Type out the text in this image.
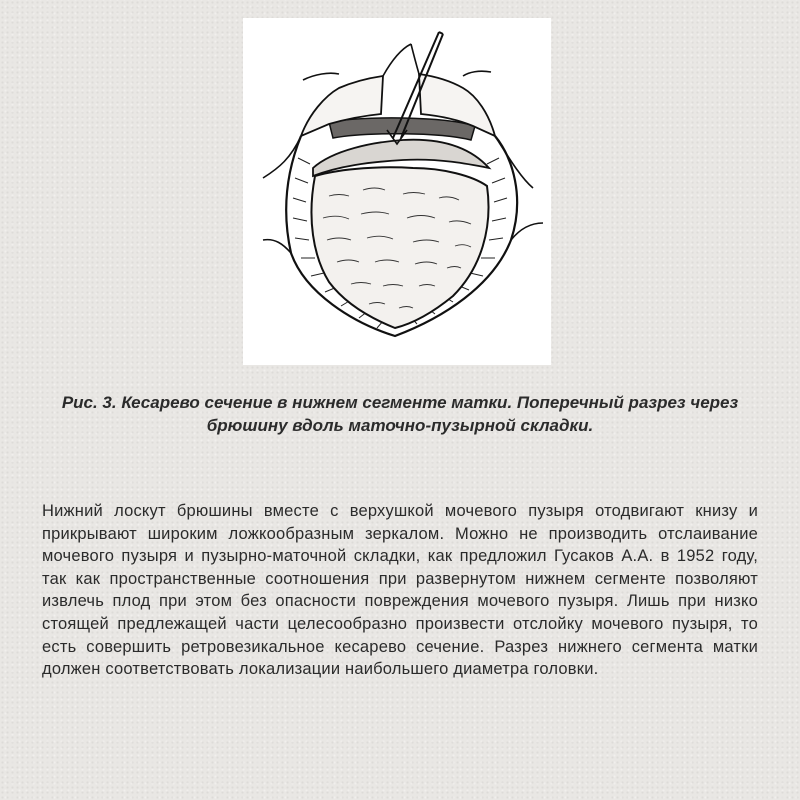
Рис. 3. Кесарево сечение в нижнем сегменте матки. Поперечный разрез через брюшину вдоль маточно-пузырной складки.
Нижний лоскут брюшины вместе с верхушкой мочевого пузыря отодвигают книзу и прикрывают широким ложкообразным зеркалом. Можно не производить отслаивание мочевого пузыря и пузырно-маточной складки, как предложил Гусаков А.А. в 1952 году, так как пространственные соотношения при развернутом нижнем сегменте позволяют извлечь плод при этом без опасности повреждения мочевого пузыря. Лишь при низко стоящей предлежащей части целесообразно произвести отслойку мочевого пузыря, то есть совершить ретровезикальное кесарево сечение. Разрез нижнего сегмента матки должен соответствовать локализации наибольшего диаметра головки.
